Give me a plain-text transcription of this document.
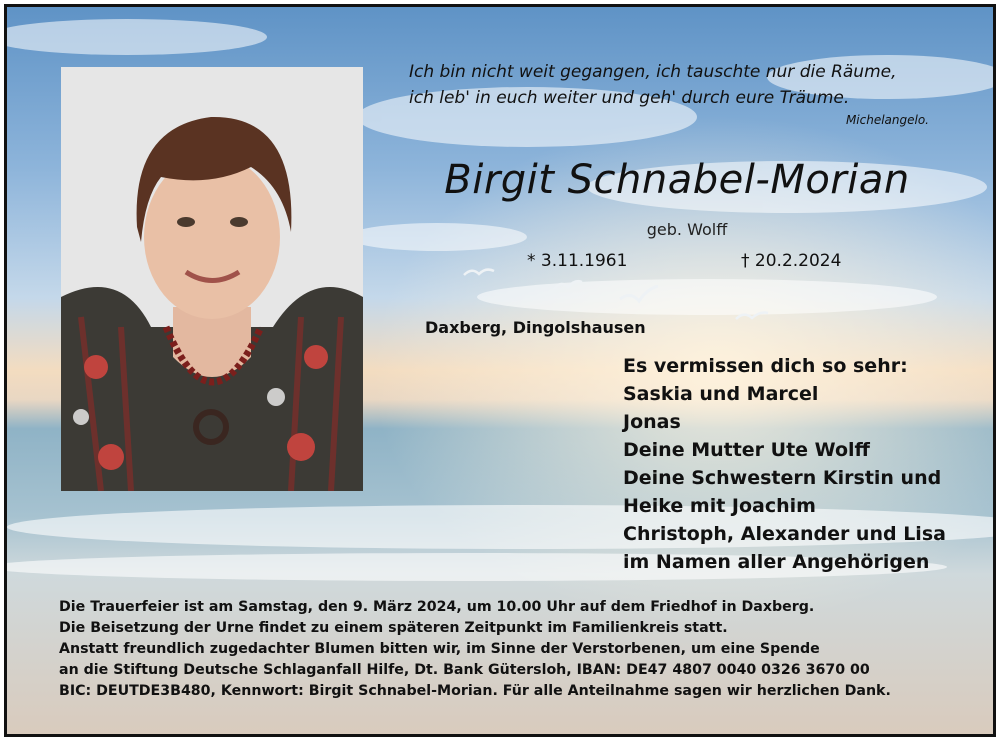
Ich bin nicht weit gegangen, ich tauschte nur die Räume,
ich leb' in euch weiter und geh' durch eure Träume.
Michelangelo.
Birgit Schnabel-Morian
geb. Wolff
* 3.11.1961	† 20.2.2024
Daxberg, Dingolshausen
Es vermissen dich so sehr:
Saskia und Marcel
Jonas
Deine Mutter Ute Wolff
Deine Schwestern Kirstin und
Heike mit Joachim
Christoph, Alexander und Lisa
im Namen aller Angehörigen
Die Trauerfeier ist am Samstag, den 9. März 2024, um 10.00 Uhr auf dem Friedhof in Daxberg.
Die Beisetzung der Urne findet zu einem späteren Zeitpunkt im Familienkreis statt.
Anstatt freundlich zugedachter Blumen bitten wir, im Sinne der Verstorbenen, um eine Spende
an die Stiftung Deutsche Schlaganfall Hilfe, Dt. Bank Gütersloh, IBAN: DE47 4807 0040 0326 3670 00
BIC: DEUTDE3B480, Kennwort: Birgit Schnabel-Morian. Für alle Anteilnahme sagen wir herzlichen Dank.
